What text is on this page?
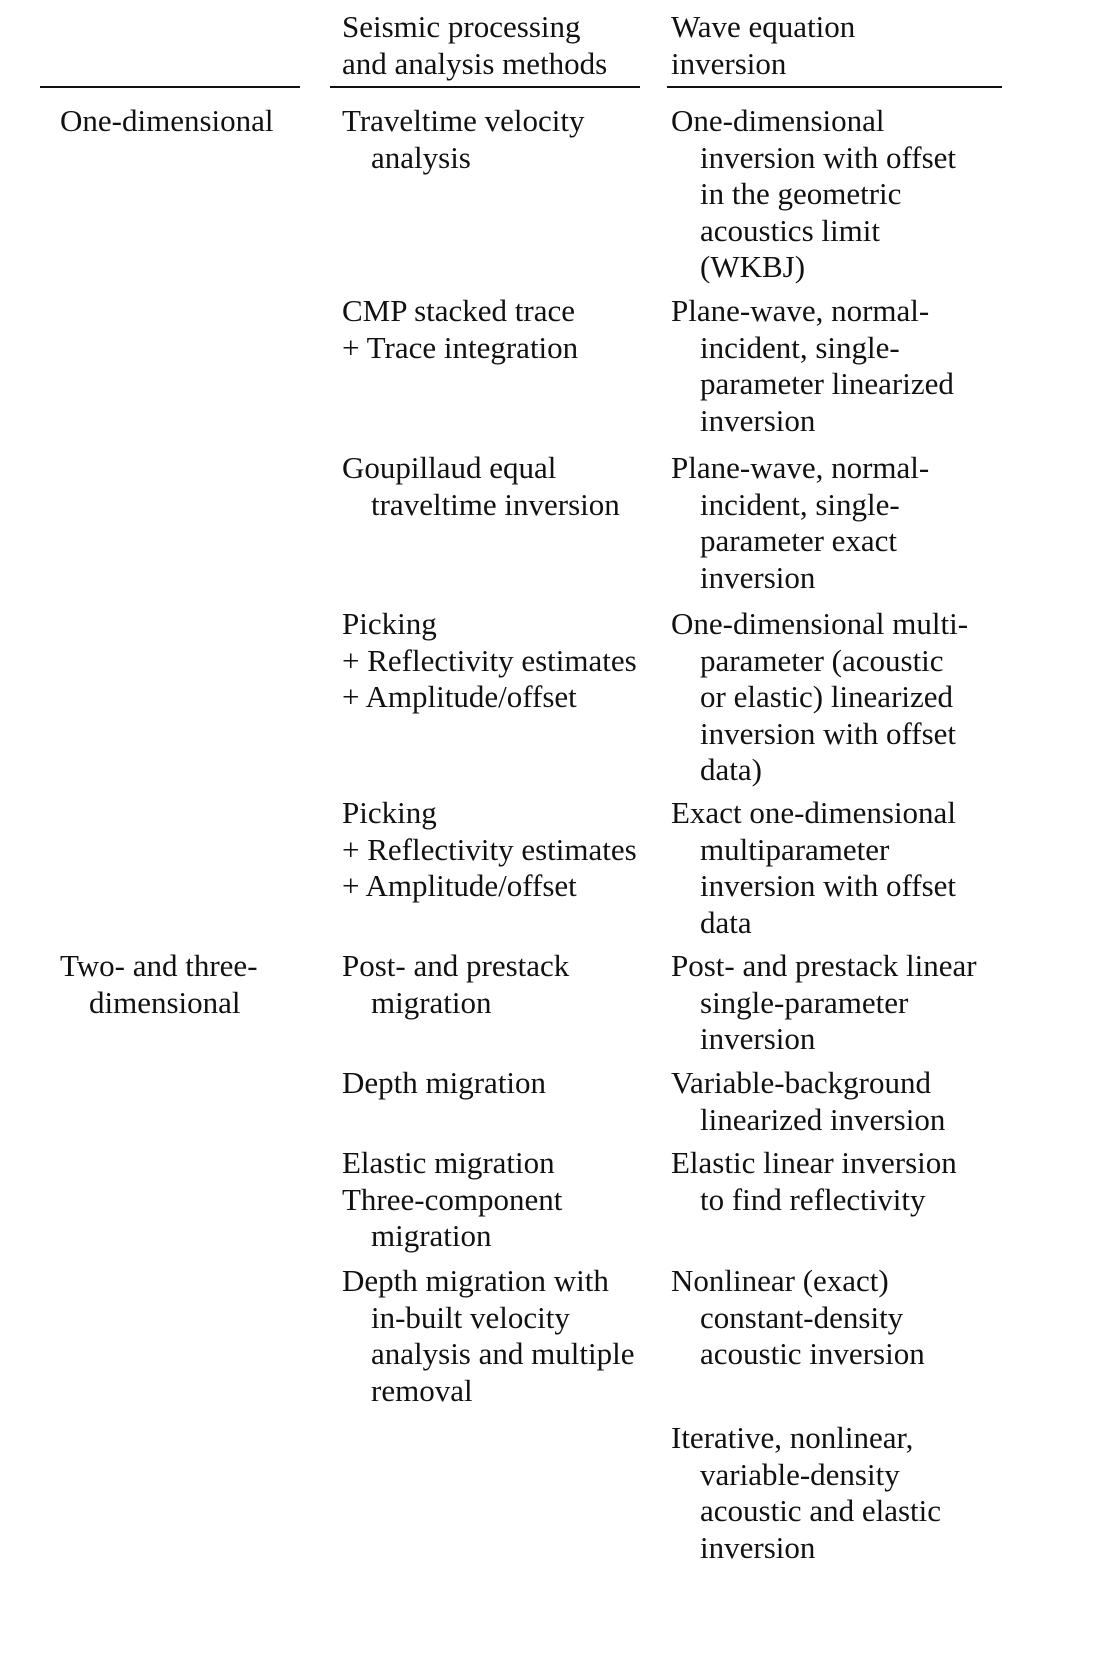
Seismic processing
and analysis methods
Wave equation
inversion
One-dimensional Traveltime velocity
analysis
One-dimensional
inversion with offset
in the geometric
acoustics limit
(WKBJ)
CMP stacked trace
+ Trace integration
Plane-wave, normal-
incident, single-
parameter linearized
inversion
Goupillaud equal
traveltime inversion
Plane-wave, normal-
incident, single-
parameter exact
inversion
Picking
+ Reflectivity estimates
+ Amplitude/offset
One-dimensional multi-
parameter (acoustic
or elastic) linearized
inversion with offset
data)
Picking
+ Reflectivity estimates
+ Amplitude/offset
Exact one-dimensional
multiparameter
inversion with offset
data
Two- and three-
dimensional
Post- and prestack
migration
Post- and prestack linear
single-parameter
inversion
Depth migration	Variable-background
linearized inversion
Elastic migration
Three-component
migration
Elastic linear inversion
to find reflectivity
Depth migration with
in-built velocity
analysis and multiple
removal
Nonlinear (exact)
constant-density
acoustic inversion
Iterative, nonlinear,
variable-density
acoustic and elastic
inversion
